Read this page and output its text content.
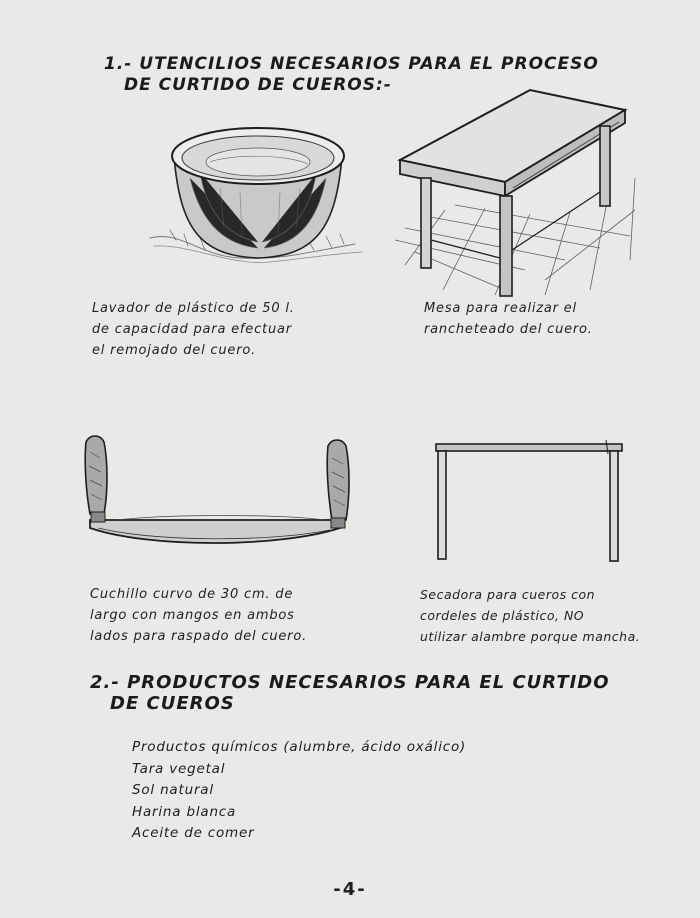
1.- UTENCILIOS NECESARIOS PARA EL PROCESO
DE CURTIDO DE CUEROS:-
Lavador de plástico de 50 l.
de capacidad para efectuar
el remojado del cuero.
Mesa para realizar el
rancheteado del cuero.
Cuchillo curvo de 30 cm. de
largo con mangos en ambos
lados para raspado del cuero.
Secadora para cueros con
cordeles de plástico, NO
utilizar alambre porque mancha.
2.- PRODUCTOS NECESARIOS PARA EL CURTIDO
DE CUEROS
Productos químicos (alumbre, ácido oxálico)
Tara vegetal
Sol natural
Harina blanca
Aceite de comer
-4-
